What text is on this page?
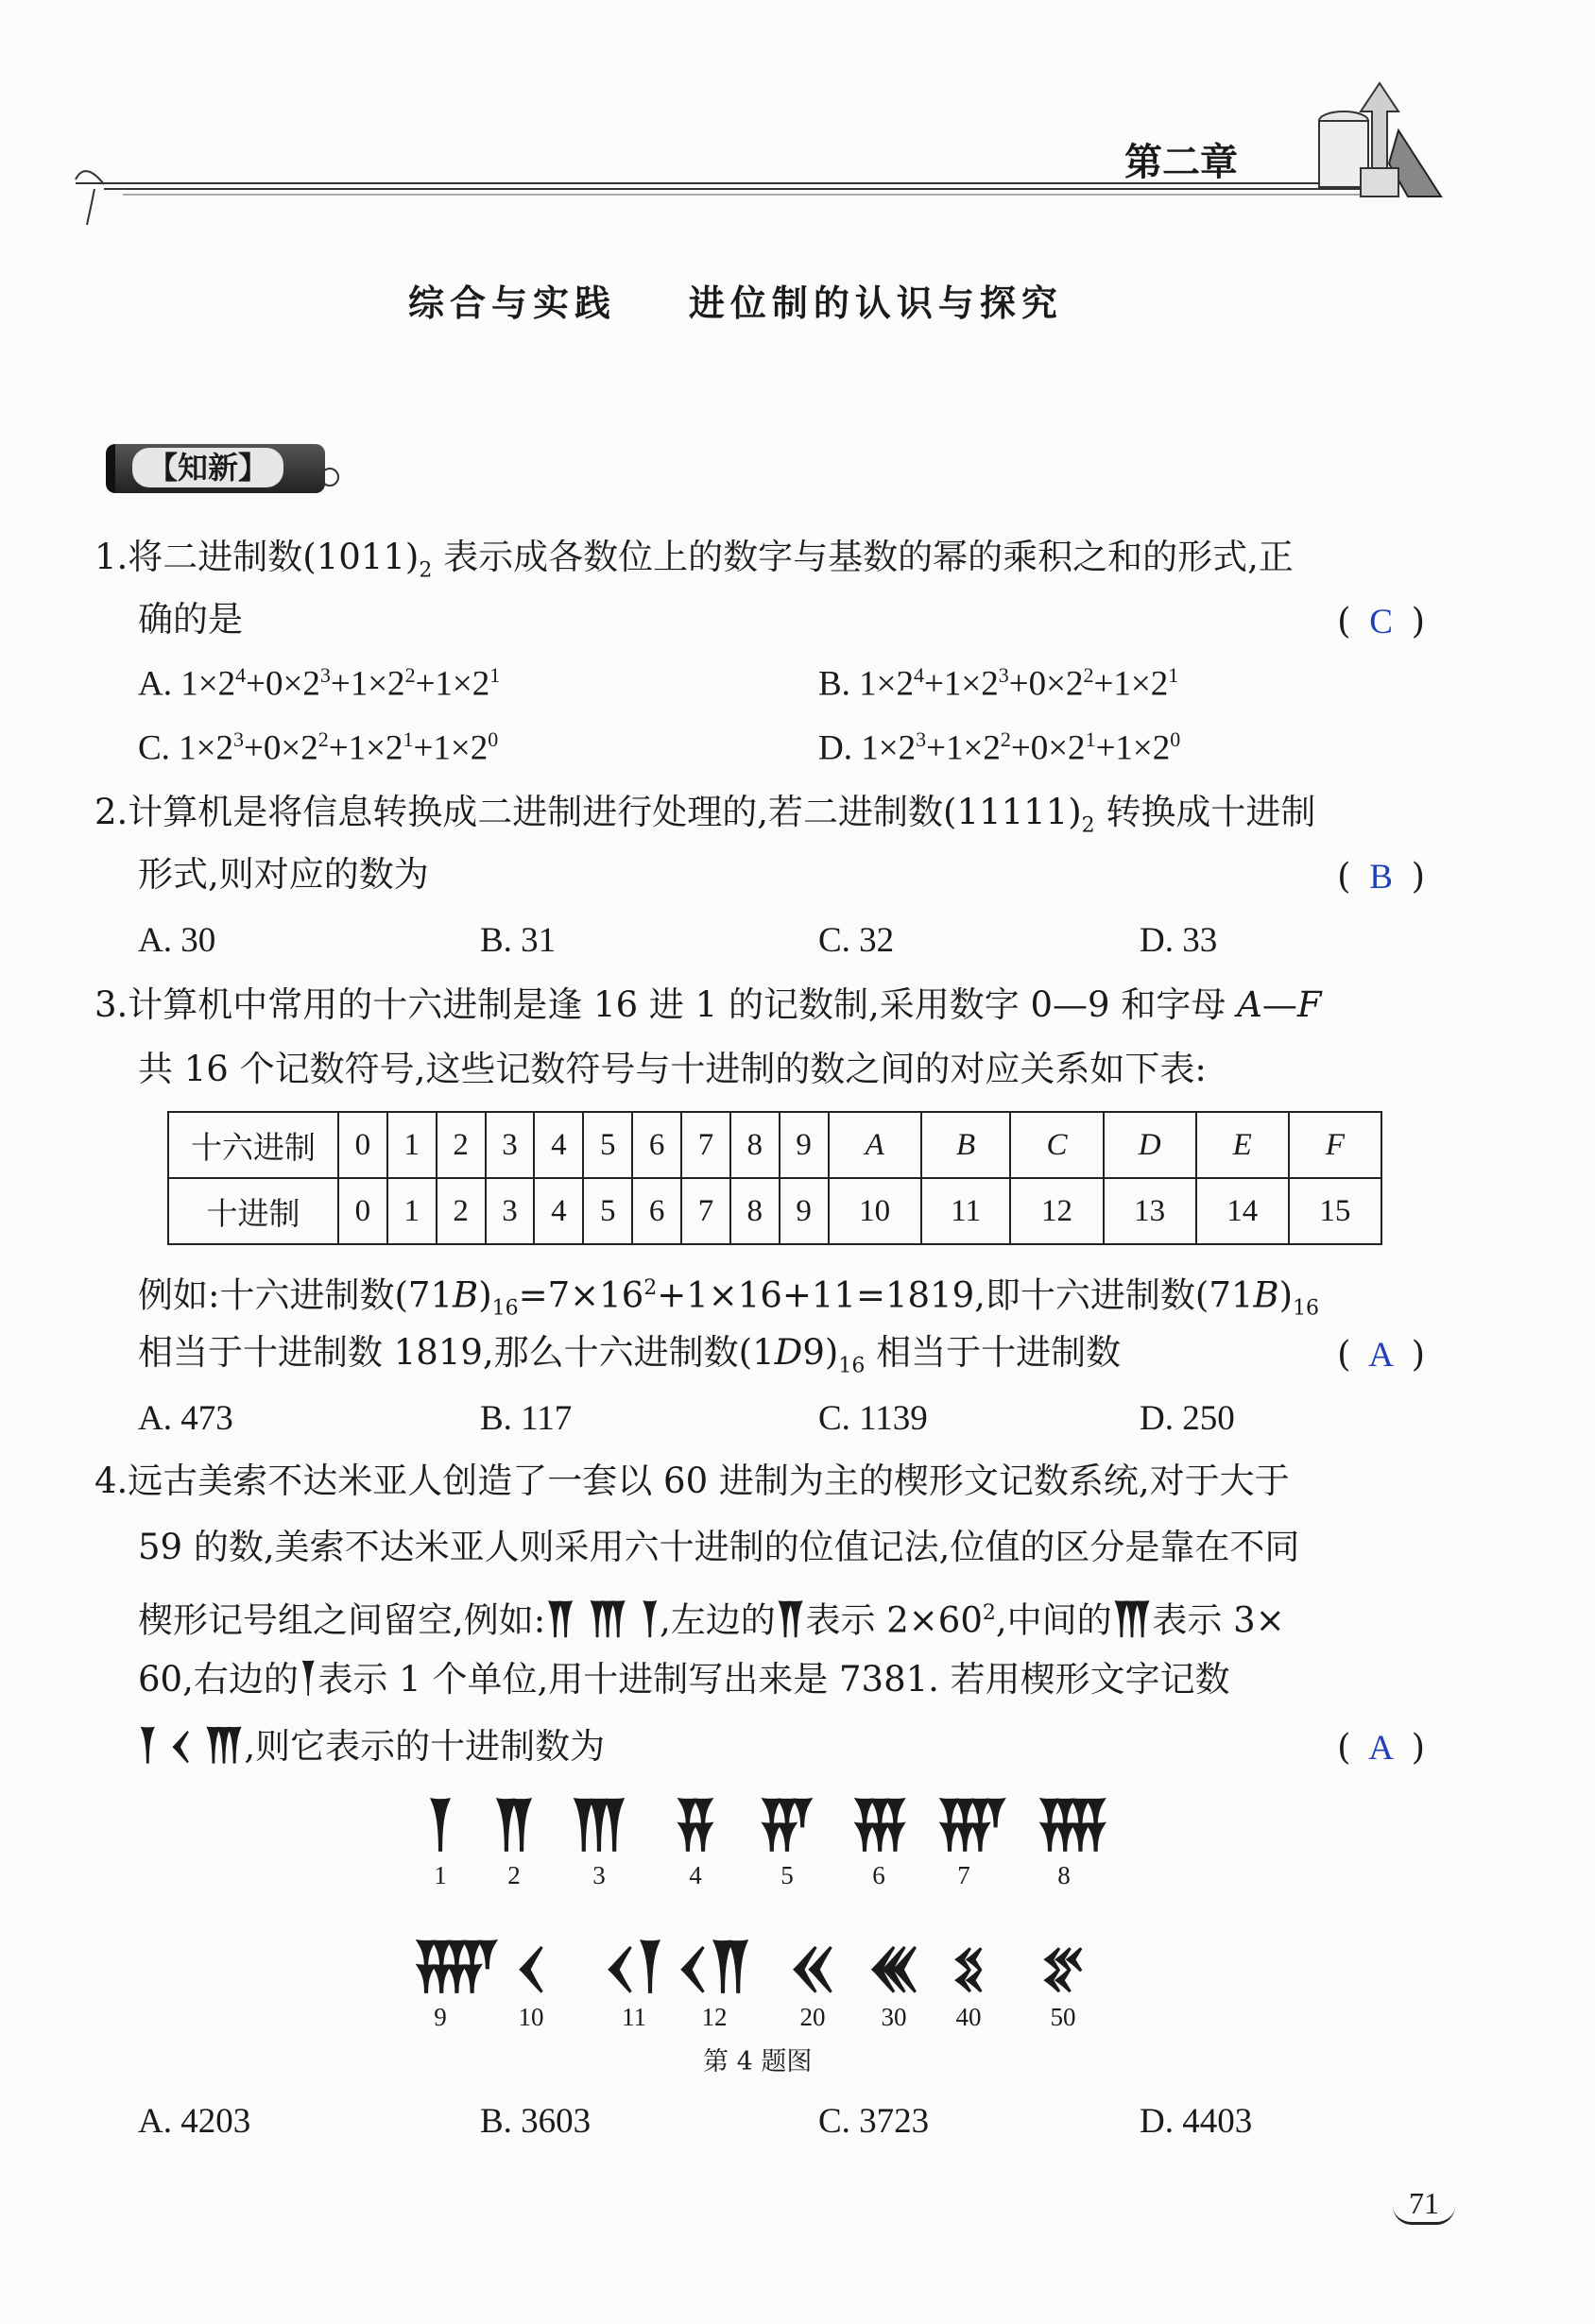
第二章
综合与实践    进位制的认识与探究
【知新】
1.将二进制数$(1011)_2$ 表示成各数位上的数字与基数的幂的乘积之和的形式,正
确的是	( C )
A. $1\times 2^4+0\times 2^3+1\times 2^2+1\times 2^1$	B. $1\times 2^4+1\times 2^3+0\times 2^2+1\times 2^1$
C. $1\times 2^3+0\times 2^2+1\times 2^1+1\times 2^0$	D. $1\times 2^3+1\times 2^2+0\times 2^1+1\times 2^0$
2.计算机是将信息转换成二进制进行处理的,若二进制数$(11111)_2$ 转换成十进制
形式,则对应的数为	( B )
A. 30	B. 31	C. 32	D. 33
3.计算机中常用的十六进制是逢 16 进 1 的记数制,采用数字 0—9 和字母 A—F
共 16 个记数符号,这些记数符号与十进制的数之间的对应关系如下表:
十六进制	0	1	2	3	4	5	6	7	8	9	A	B	C	D	E	F
十进制	0	1	2	3	4	5	6	7	8	9	10	11	12	13	14	15
例如:十六进制数$(71B)_{16}=7\times 16^2+1\times 16+11=1819$,即十六进制数$(71B)_{16}$
相当于十进制数 1819,那么十六进制数$(1D9)_{16}$ 相当于十进制数	( A )
A. 473	B. 117	C. 1139	D. 250
4.远古美索不达米亚人创造了一套以 60 进制为主的楔形文记数系统,对于大于
59 的数,美索不达米亚人则采用六十进制的位值记法,位值的区分是靠在不同
楔形记号组之间留空,例如:𒐖 𒐗 𒐕,左边的𒐖表示 $2\times 60^2$,中间的𒐗表示 3×
60,右边的𒐕表示 1 个单位,用十进制写出来是 7381. 若用楔形文字记数
𒐕 𒌋 𒐗,则它表示的十进制数为	( A )
𒐕
1
𒐖
2
𒐗
3
𒐘
4
𒐙
5
𒐚
6
𒐛
7
𒐜
8
𒐝
9
𒌋
10
𒌋𒐕
11
𒌋𒐖
12
𒎙
20
𒌍
30
𒐏
40
𒐐
50
第 4 题图
A. 4203	B. 3603	C. 3723	D. 4403
71
